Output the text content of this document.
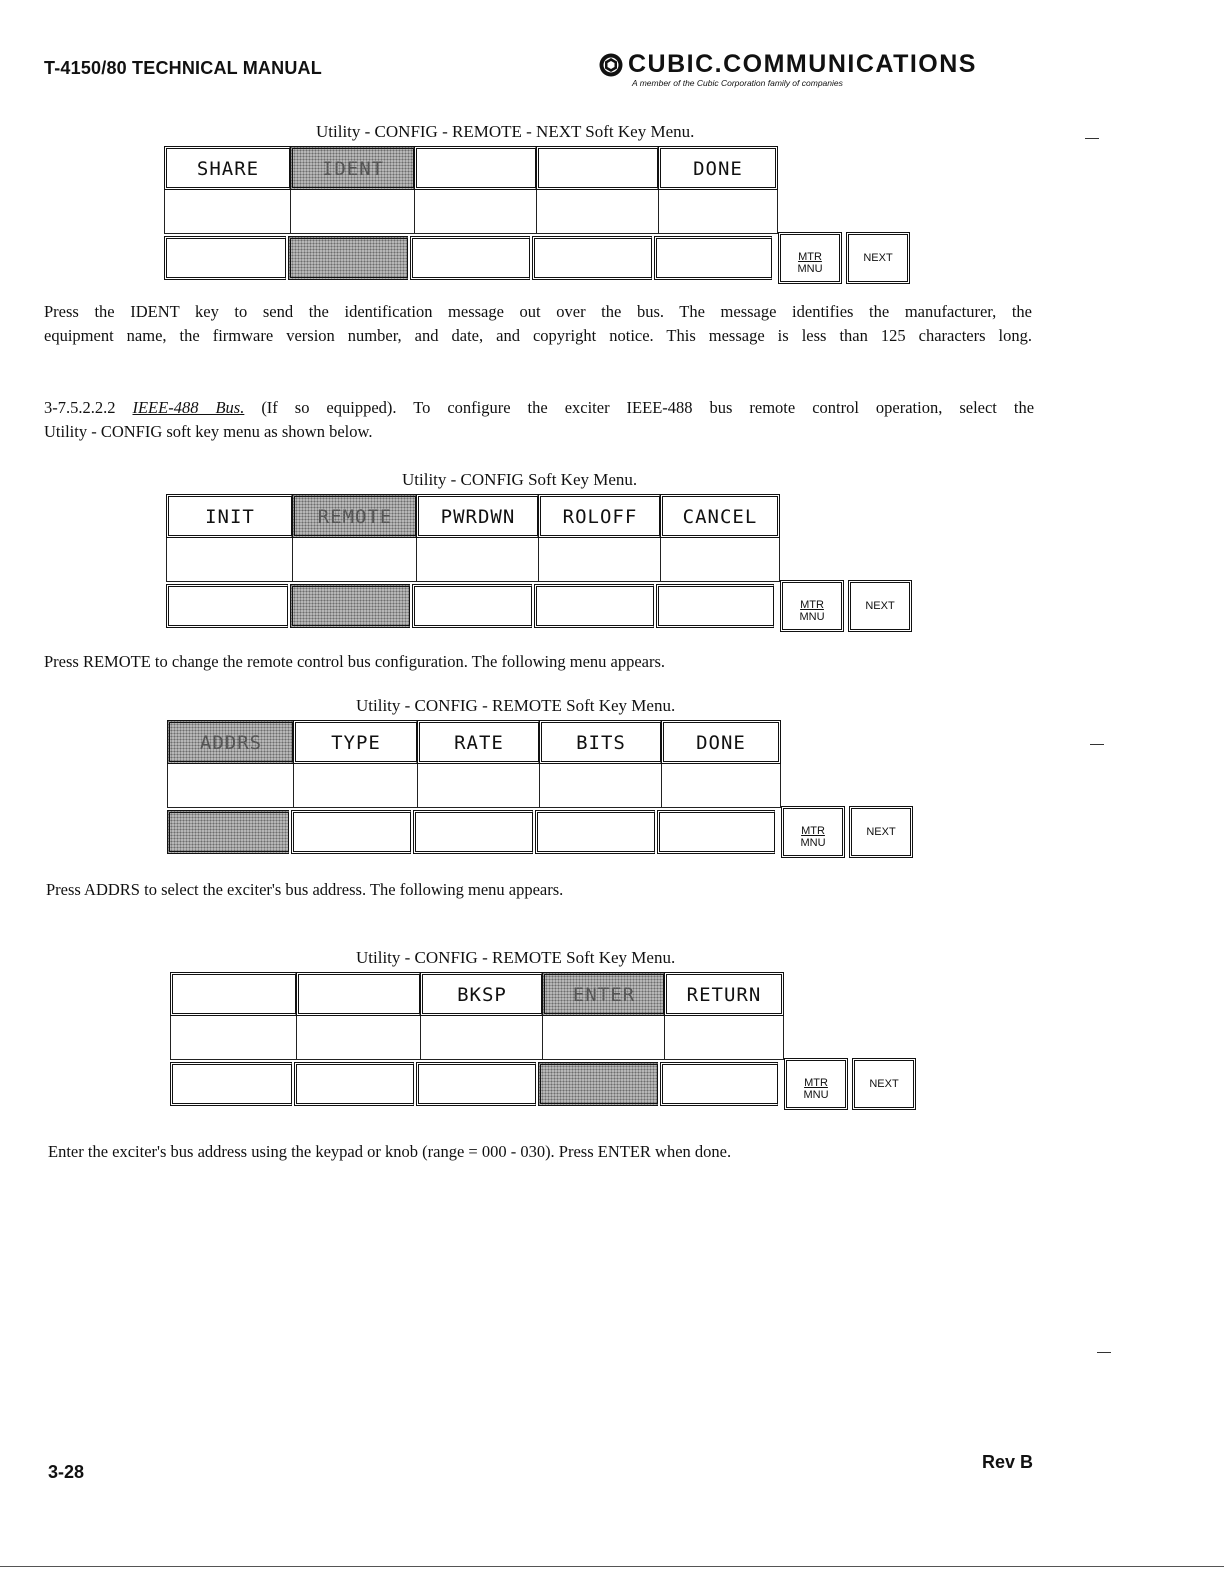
T-4150/80 TECHNICAL MANUAL	CUBIC.COMMUNICATIONS
A member of the Cubic Corporation family of companies
Utility - CONFIG - REMOTE - NEXT Soft Key Menu.
SHARE	IDENT	DONE
MTR
MNU
NEXT
Press the IDENT key to send the identification message out over the bus. The message identifies the manufacturer, the
equipment name, the firmware version number, and date, and copyright notice. This message is less than 125 characters long.
3-7.5.2.2.2 IEEE-488 Bus. (If so equipped). To configure the exciter IEEE-488 bus remote control operation, select the
Utility - CONFIG soft key menu as shown below.
Utility - CONFIG Soft Key Menu.
INIT	REMOTE	PWRDWN	ROLOFF	CANCEL
MTR
MNU
NEXT
Press REMOTE to change the remote control bus configuration. The following menu appears.
Utility - CONFIG - REMOTE Soft Key Menu.
ADDRS	TYPE	RATE	BITS	DONE
MTR
MNU
NEXT
Press ADDRS to select the exciter's bus address. The following menu appears.
Utility - CONFIG - REMOTE Soft Key Menu.
BKSP	ENTER	RETURN
MTR
MNU
NEXT
Enter the exciter's bus address using the keypad or knob (range = 000 - 030). Press ENTER when done.
3-28	Rev B
